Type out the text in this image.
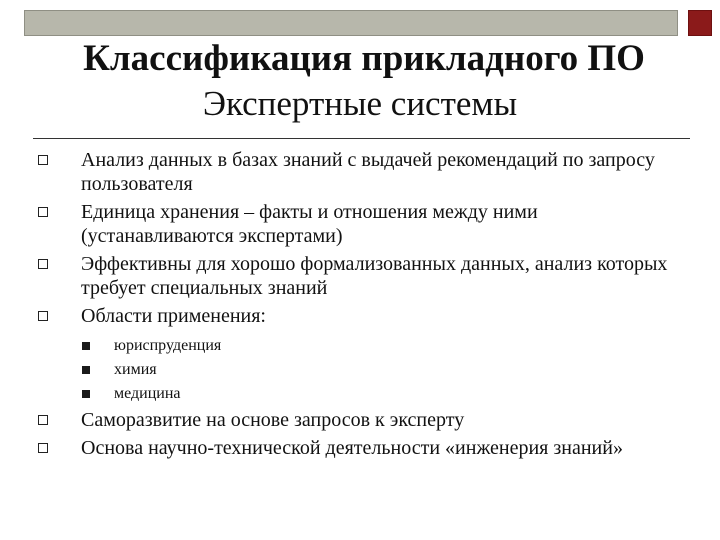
Классификация прикладного ПО
Экспертные системы
Анализ данных в базах знаний с выдачей рекомендаций по запросу пользователя
Единица хранения – факты и отношения между ними (устанавливаются экспертами)
Эффективны для хорошо формализованных данных, анализ которых требует специальных знаний
Области применения:
юриспруденция
химия
медицина
Саморазвитие на основе запросов к эксперту
Основа научно-технической деятельности «инженерия знаний»
